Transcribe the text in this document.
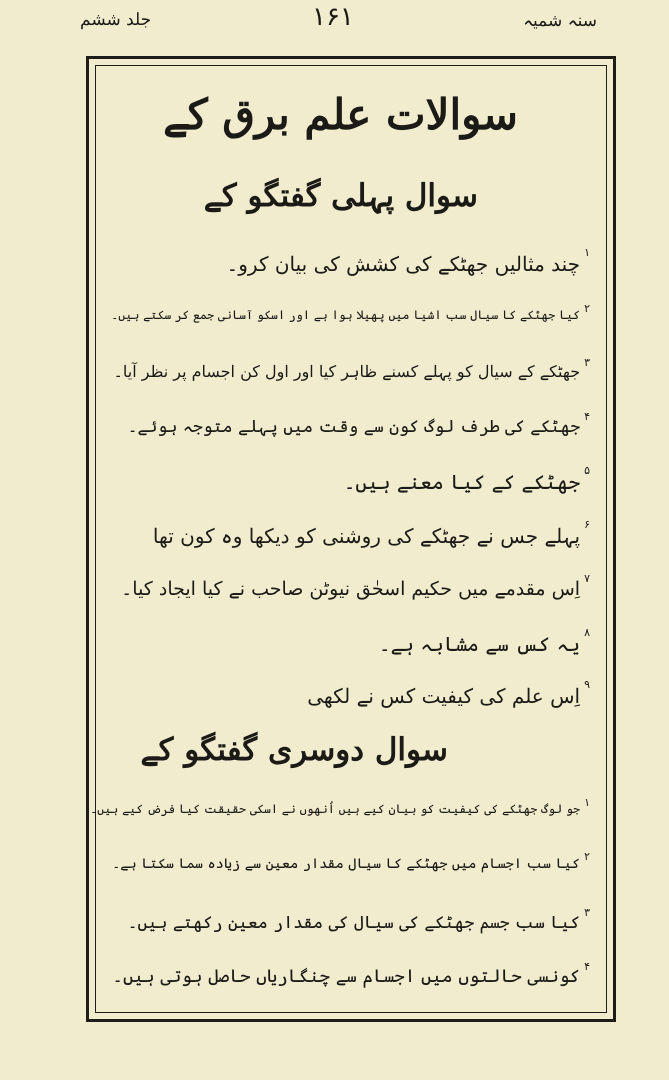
جلد ششم	۱۶۱	سنہ شمیہ
سوالات علم برق کے
سوال پہلی گفتگو کے
۱
چند مثالیں جھٹکے کی کشش کی بیان کرو۔
۲
کیا جھٹکے کا سیال سب اشیا میں پھیلا ہوا ہے اور اسکو آسانی جمع کر سکتے ہیں۔
۳
جھٹکے کے سیال کو پہلے کسنے ظاہر کیا اور اول کن اجسام پر نظر آیا۔
۴
جھٹکے کی طرف لوگ کون سے وقت میں پہلے متوجہ ہوئے۔
۵
جھٹکے کے کیا معنے ہیں۔
۶
پہلے جس نے جھٹکے کی روشنی کو دیکھا وہ کون تھا
۷
اِس مقدمے میں حکیم اسحٰق نیوٹن صاحب نے کیا ایجاد کیا۔
۸
یہ کس سے مشابہ ہے۔
۹
اِس علم کی کیفیت کس نے لکھی
سوال دوسری گفتگو کے
۱
جو لوگ جھٹکے کی کیفیت کو بیان کیے ہیں اُنھوں نے اسکی حقیقت کیا فرض کیے ہیں۔
۲
کیا سب اجسام میں جھٹکے کا سیال مقدار معین سے زیادہ سما سکتا ہے۔
۳
کیا سب جسم جھٹکے کی سیال کی مقدار معین رکھتے ہیں۔
۴
کونسی حالتوں میں اجسام سے چنگاریاں حاصل ہوتی ہیں۔
